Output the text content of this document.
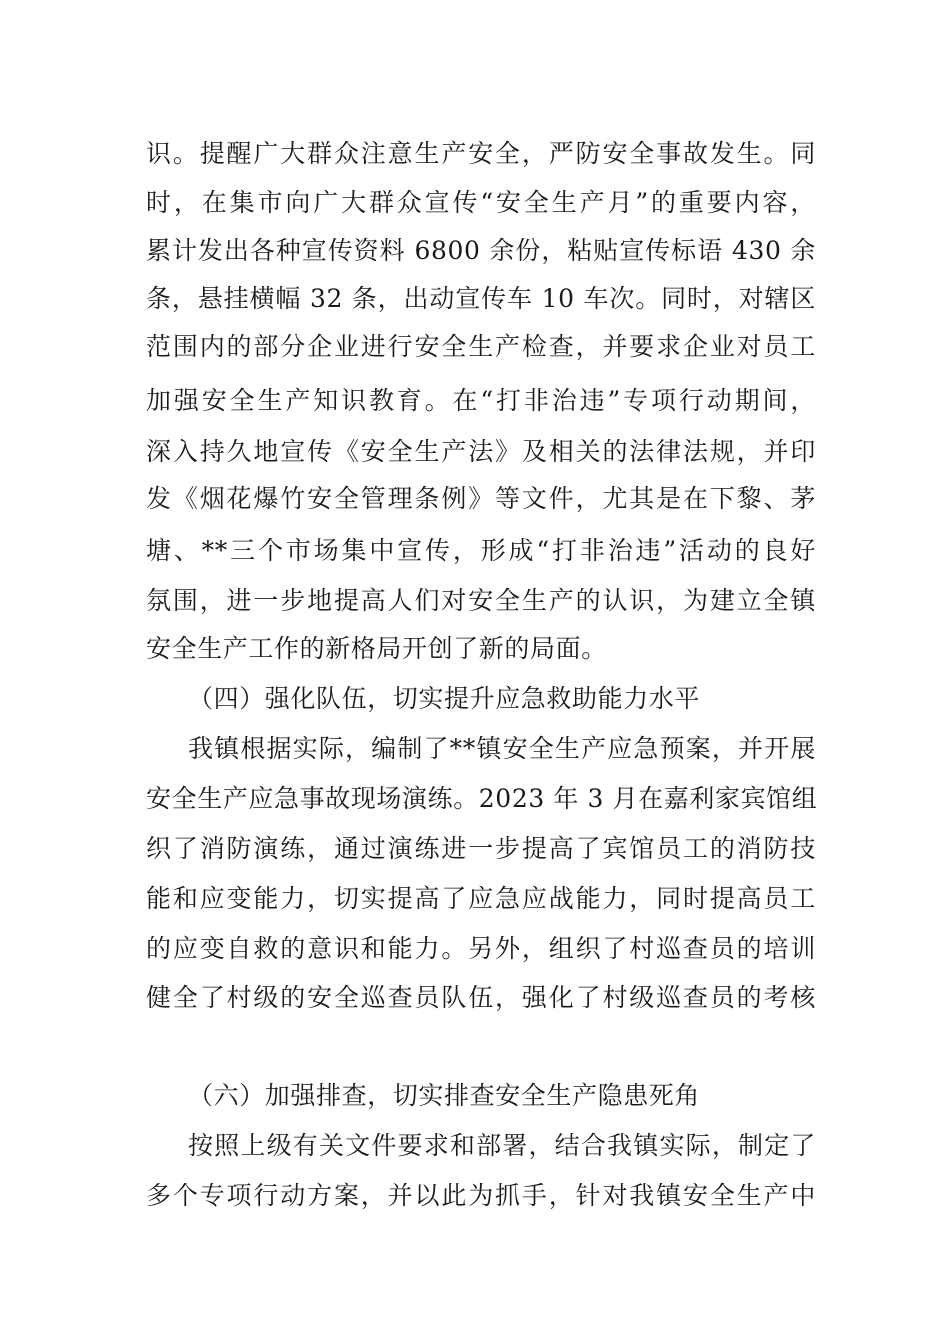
识。提醒广大群众注意生产安全，严防安全事故发生。同
时，在集市向广大群众宣传“安全生产月”的重要内容，
累计发出各种宣传资料 6800 余份，粘贴宣传标语 430 余
条，悬挂横幅 32 条，出动宣传车 10 车次。同时，对辖区
范围内的部分企业进行安全生产检查，并要求企业对员工
加强安全生产知识教育。在“打非治违”专项行动期间，
深入持久地宣传《安全生产法》及相关的法律法规，并印
发《烟花爆竹安全管理条例》等文件，尤其是在下黎、茅
塘、**三个市场集中宣传，形成“打非治违”活动的良好
氛围，进一步地提高人们对安全生产的认识，为建立全镇
安全生产工作的新格局开创了新的局面。
（四）强化队伍，切实提升应急救助能力水平
我镇根据实际，编制了**镇安全生产应急预案，并开展
安全生产应急事故现场演练。2023 年 3 月在嘉利家宾馆组
织了消防演练，通过演练进一步提高了宾馆员工的消防技
能和应变能力，切实提高了应急应战能力，同时提高员工
的应变自救的意识和能力。另外，组织了村巡查员的培训
健全了村级的安全巡查员队伍，强化了村级巡查员的考核
（六）加强排查，切实排查安全生产隐患死角
按照上级有关文件要求和部署，结合我镇实际，制定了
多个专项行动方案，并以此为抓手，针对我镇安全生产中
